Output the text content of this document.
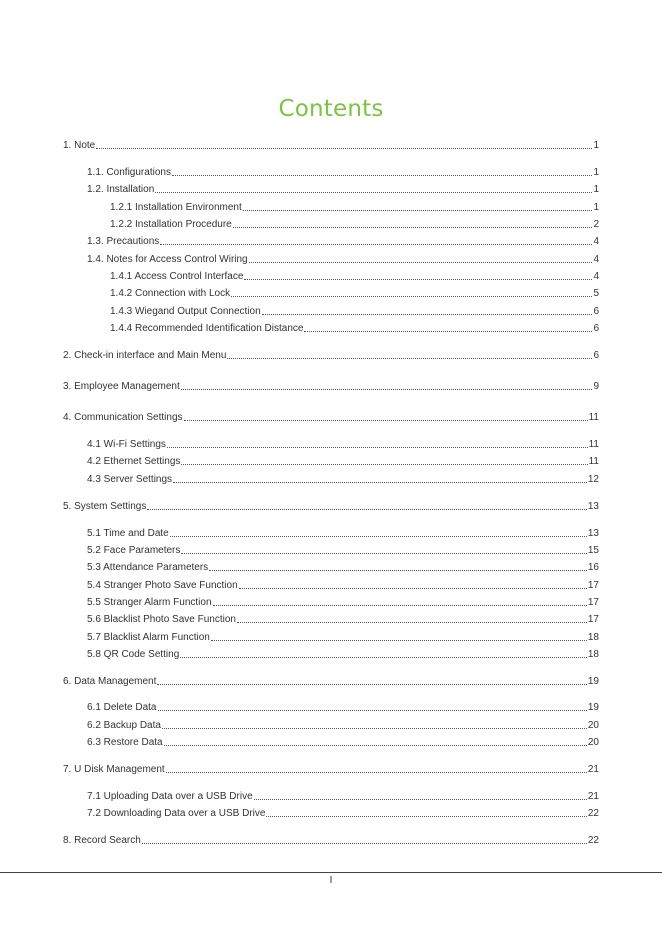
Contents
1. Note	1
1.1. Configurations	1
1.2. Installation	1
1.2.1 Installation Environment	1
1.2.2 Installation Procedure	2
1.3. Precautions	4
1.4. Notes for Access Control Wiring	4
1.4.1 Access Control Interface	4
1.4.2 Connection with Lock	5
1.4.3 Wiegand Output Connection	6
1.4.4 Recommended Identification Distance	6
2. Check-in interface and Main Menu	6
3. Employee Management	9
4. Communication Settings	11
4.1 Wi-Fi Settings	11
4.2 Ethernet Settings	11
4.3 Server Settings	12
5. System Settings	13
5.1 Time and Date	13
5.2 Face Parameters	15
5.3 Attendance Parameters	16
5.4 Stranger Photo Save Function	17
5.5 Stranger Alarm Function	17
5.6 Blacklist Photo Save Function	17
5.7 Blacklist Alarm Function	18
5.8 QR Code Setting	18
6. Data Management	19
6.1 Delete Data	19
6.2 Backup Data	20
6.3 Restore Data	20
7. U Disk Management	21
7.1 Uploading Data over a USB Drive	21
7.2 Downloading Data over a USB Drive	22
8. Record Search	22
I
